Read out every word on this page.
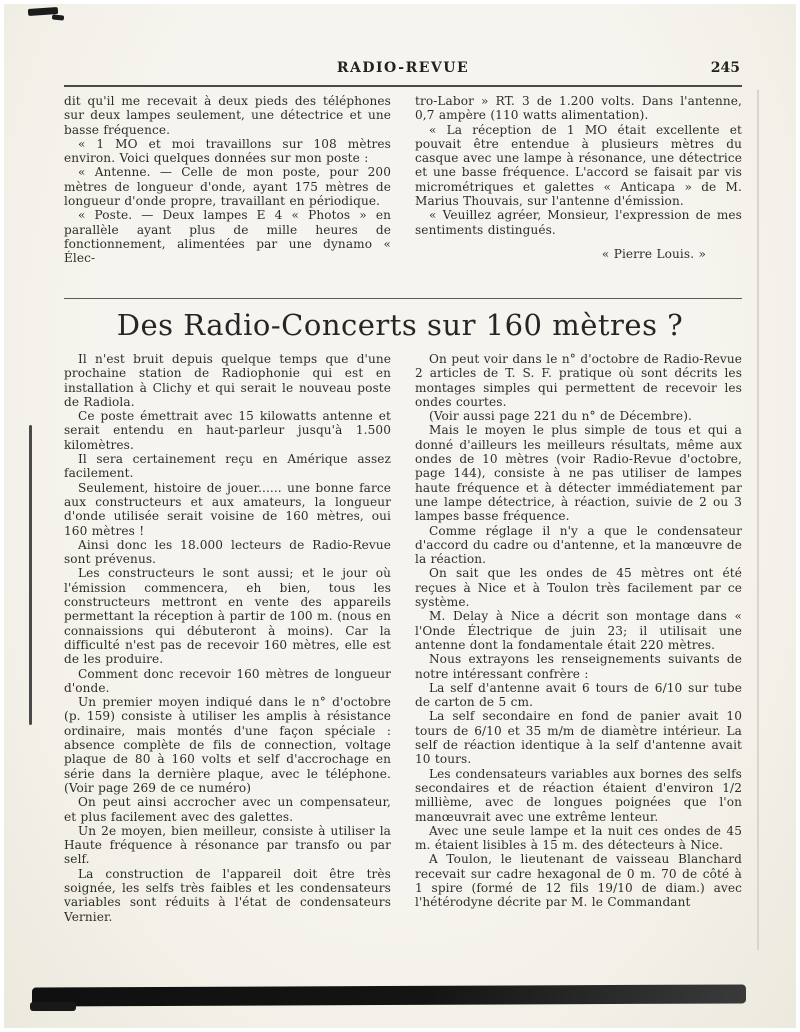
RADIO-REVUE	245

dit qu'il me recevait à deux pieds des téléphones sur deux lampes seulement, une détectrice et une basse fréquence.

« 1 MO et moi travaillons sur 108 mètres environ. Voici quelques données sur mon poste :

« Antenne. — Celle de mon poste, pour 200 mètres de longueur d'onde, ayant 175 mètres de longueur d'onde propre, travaillant en périodique.

« Poste. — Deux lampes E 4 « Photos » en parallèle ayant plus de mille heures de fonctionnement, alimentées par une dynamo « Élec-

tro-Labor » RT. 3 de 1.200 volts. Dans l'antenne, 0,7 ampère (110 watts alimentation).

« La réception de 1 MO était excellente et pouvait être entendue à plusieurs mètres du casque avec une lampe à résonance, une détectrice et une basse fréquence. L'accord se faisait par vis micrométriques et galettes « Anticapa » de M. Marius Thouvais, sur l'antenne d'émission.

« Veuillez agréer, Monsieur, l'expression de mes sentiments distingués.

« Pierre Louis. »

Des Radio-Concerts sur 160 mètres ?

Il n'est bruit depuis quelque temps que d'une prochaine station de Radiophonie qui est en installation à Clichy et qui serait le nouveau poste de Radiola.

Ce poste émettrait avec 15 kilowatts antenne et serait entendu en haut-parleur jusqu'à 1.500 kilomètres.

Il sera certainement reçu en Amérique assez facilement.

Seulement, histoire de jouer...... une bonne farce aux constructeurs et aux amateurs, la longueur d'onde utilisée serait voisine de 160 mètres, oui 160 mètres !

Ainsi donc les 18.000 lecteurs de Radio-Revue sont prévenus.

Les constructeurs le sont aussi; et le jour où l'émission commencera, eh bien, tous les constructeurs mettront en vente des appareils permettant la réception à partir de 100 m. (nous en connaissions qui débuteront à moins). Car la difficulté n'est pas de recevoir 160 mètres, elle est de les produire.

Comment donc recevoir 160 mètres de longueur d'onde.

Un premier moyen indiqué dans le n° d'octobre (p. 159) consiste à utiliser les amplis à résistance ordinaire, mais montés d'une façon spéciale : absence complète de fils de connection, voltage plaque de 80 à 160 volts et self d'accrochage en série dans la dernière plaque, avec le téléphone. (Voir page 269 de ce numéro)

On peut ainsi accrocher avec un compensateur, et plus facilement avec des galettes.

Un 2e moyen, bien meilleur, consiste à utiliser la Haute fréquence à résonance par transfo ou par self.

La construction de l'appareil doit être très soignée, les selfs très faibles et les condensateurs variables sont réduits à l'état de condensateurs Vernier.

On peut voir dans le n° d'octobre de Radio-Revue 2 articles de T. S. F. pratique où sont décrits les montages simples qui permettent de recevoir les ondes courtes.

(Voir aussi page 221 du n° de Décembre).

Mais le moyen le plus simple de tous et qui a donné d'ailleurs les meilleurs résultats, même aux ondes de 10 mètres (voir Radio-Revue d'octobre, page 144), consiste à ne pas utiliser de lampes haute fréquence et à détecter immédiatement par une lampe détectrice, à réaction, suivie de 2 ou 3 lampes basse fréquence.

Comme réglage il n'y a que le condensateur d'accord du cadre ou d'antenne, et la manœuvre de la réaction.

On sait que les ondes de 45 mètres ont été reçues à Nice et à Toulon très facilement par ce système.

M. Delay à Nice a décrit son montage dans « l'Onde Électrique de juin 23; il utilisait une antenne dont la fondamentale était 220 mètres.

Nous extrayons les renseignements suivants de notre intéressant confrère :

La self d'antenne avait 6 tours de 6/10 sur tube de carton de 5 cm.

La self secondaire en fond de panier avait 10 tours de 6/10 et 35 m/m de diamètre intérieur. La self de réaction identique à la self d'antenne avait 10 tours.

Les condensateurs variables aux bornes des selfs secondaires et de réaction étaient d'environ 1/2 millième, avec de longues poignées que l'on manœuvrait avec une extrême lenteur.

Avec une seule lampe et la nuit ces ondes de 45 m. étaient lisibles à 15 m. des détecteurs à Nice.

A Toulon, le lieutenant de vaisseau Blanchard recevait sur cadre hexagonal de 0 m. 70 de côté à 1 spire (formé de 12 fils 19/10 de diam.) avec l'hétérodyne décrite par M. le Commandant
